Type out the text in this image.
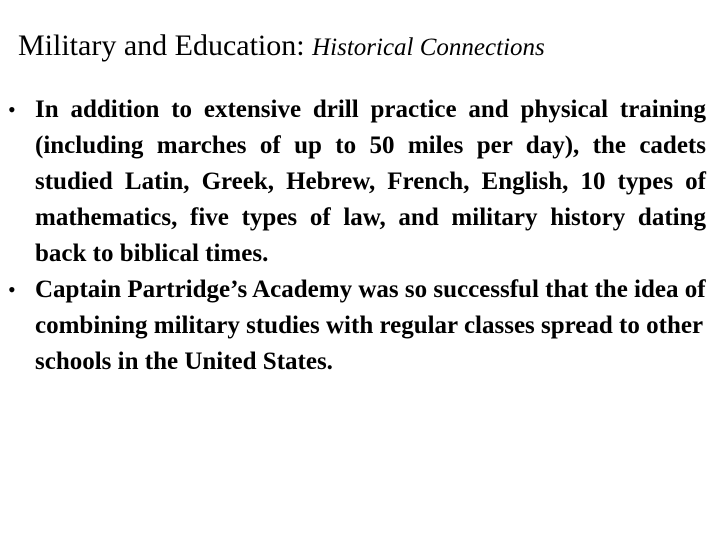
Military and Education: Historical Connections
• In addition to extensive drill practice and physical training (including marches of up to 50 miles per day), the cadets studied Latin, Greek, Hebrew, French, English, 10 types of mathematics, five types of law, and military history dating back to biblical times.
• Captain Partridge’s Academy was so successful that the idea of combining military studies with regular classes spread to other schools in the United States.
